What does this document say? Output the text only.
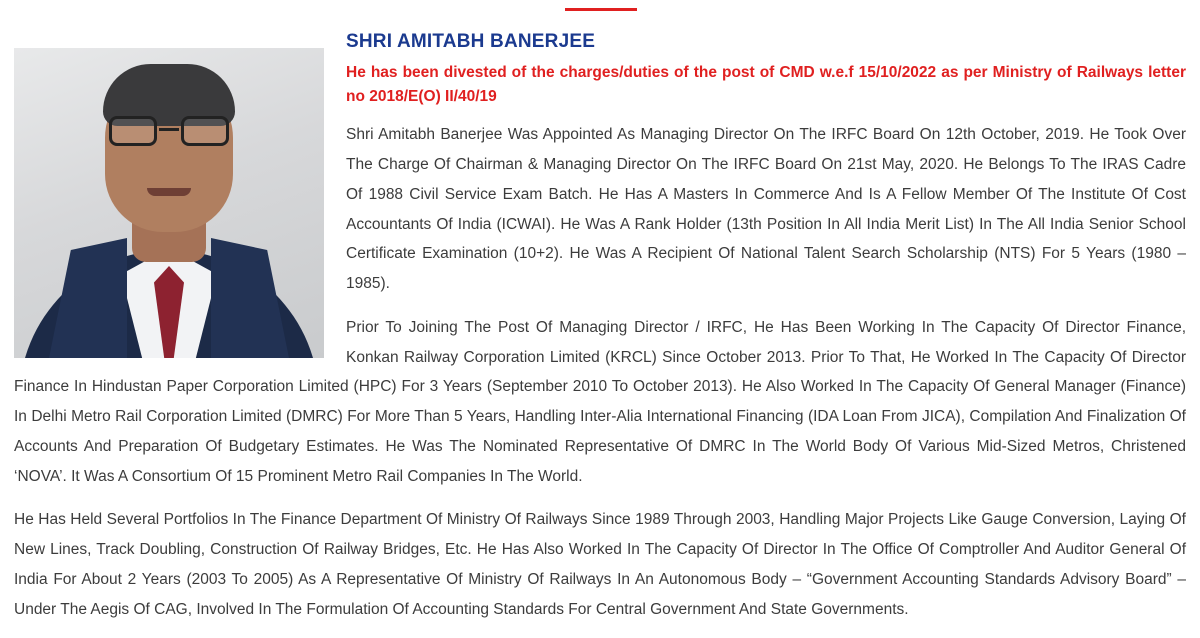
SHRI AMITABH BANERJEE

He has been divested of the charges/duties of the post of CMD w.e.f 15/10/2022 as per Ministry of Railways letter no 2018/E(O) II/40/19

Shri Amitabh Banerjee Was Appointed As Managing Director On The IRFC Board On 12th October, 2019. He Took Over The Charge Of Chairman & Managing Director On The IRFC Board On 21st May, 2020. He Belongs To The IRAS Cadre Of 1988 Civil Service Exam Batch. He Has A Masters In Commerce And Is A Fellow Member Of The Institute Of Cost Accountants Of India (ICWAI). He Was A Rank Holder (13th Position In All India Merit List) In The All India Senior School Certificate Examination (10+2). He Was A Recipient Of National Talent Search Scholarship (NTS) For 5 Years (1980 – 1985).

Prior To Joining The Post Of Managing Director / IRFC, He Has Been Working In The Capacity Of Director Finance, Konkan Railway Corporation Limited (KRCL) Since October 2013. Prior To That, He Worked In The Capacity Of Director Finance In Hindustan Paper Corporation Limited (HPC) For 3 Years (September 2010 To October 2013). He Also Worked In The Capacity Of General Manager (Finance) In Delhi Metro Rail Corporation Limited (DMRC) For More Than 5 Years, Handling Inter-Alia International Financing (IDA Loan From JICA), Compilation And Finalization Of Accounts And Preparation Of Budgetary Estimates. He Was The Nominated Representative Of DMRC In The World Body Of Various Mid-Sized Metros, Christened ‘NOVA’. It Was A Consortium Of 15 Prominent Metro Rail Companies In The World.

He Has Held Several Portfolios In The Finance Department Of Ministry Of Railways Since 1989 Through 2003, Handling Major Projects Like Gauge Conversion, Laying Of New Lines, Track Doubling, Construction Of Railway Bridges, Etc. He Has Also Worked In The Capacity Of Director In The Office Of Comptroller And Auditor General Of India For About 2 Years (2003 To 2005) As A Representative Of Ministry Of Railways In An Autonomous Body – “Government Accounting Standards Advisory Board” – Under The Aegis Of CAG, Involved In The Formulation Of Accounting Standards For Central Government And State Governments.
